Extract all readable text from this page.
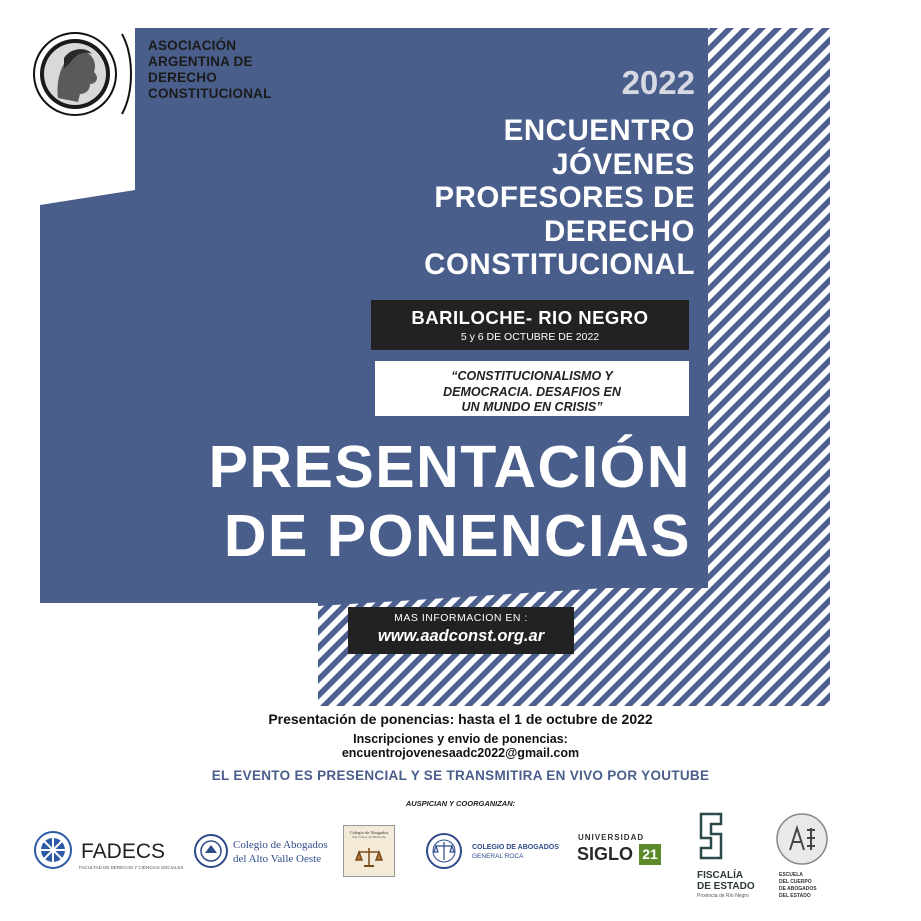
ASOCIACIÓN
ARGENTINA DE
DERECHO
CONSTITUCIONAL	2022
ENCUENTRO
JÓVENES
PROFESORES DE
DERECHO
CONSTITUCIONAL
BARILOCHE- RIO NEGRO
5 y 6 DE OCTUBRE DE 2022
“CONSTITUCIONALISMO Y
DEMOCRACIA. DESAFIOS EN
UN MUNDO EN CRISIS”
PRESENTACIÓN
DE PONENCIAS
MAS INFORMACION EN :
www.aadconst.org.ar
Presentación de ponencias: hasta el 1 de octubre de 2022
Inscripciones y envio de ponencias:
encuentrojovenesaadc2022@gmail.com
EL EVENTO ES PRESENCIAL Y SE TRANSMITIRA EN VIVO POR YOUTUBE
AUSPICIAN Y COORGANIZAN:
FADECS
FACULTAD DE DERECHO Y CIENCIAS SOCIALES
Colegio de Abogados
del Alto Valle Oeste
Colegio de Abogados
San Carlos de Bariloche
COLEGIO DE ABOGADOS
GENERAL ROCA
UNIVERSIDAD
SIGLO 21
FISCALÍA
DE ESTADO
Provincia de Río Negro
ESCUELA
DEL CUERPO
DE ABOGADOS
DEL ESTADO
